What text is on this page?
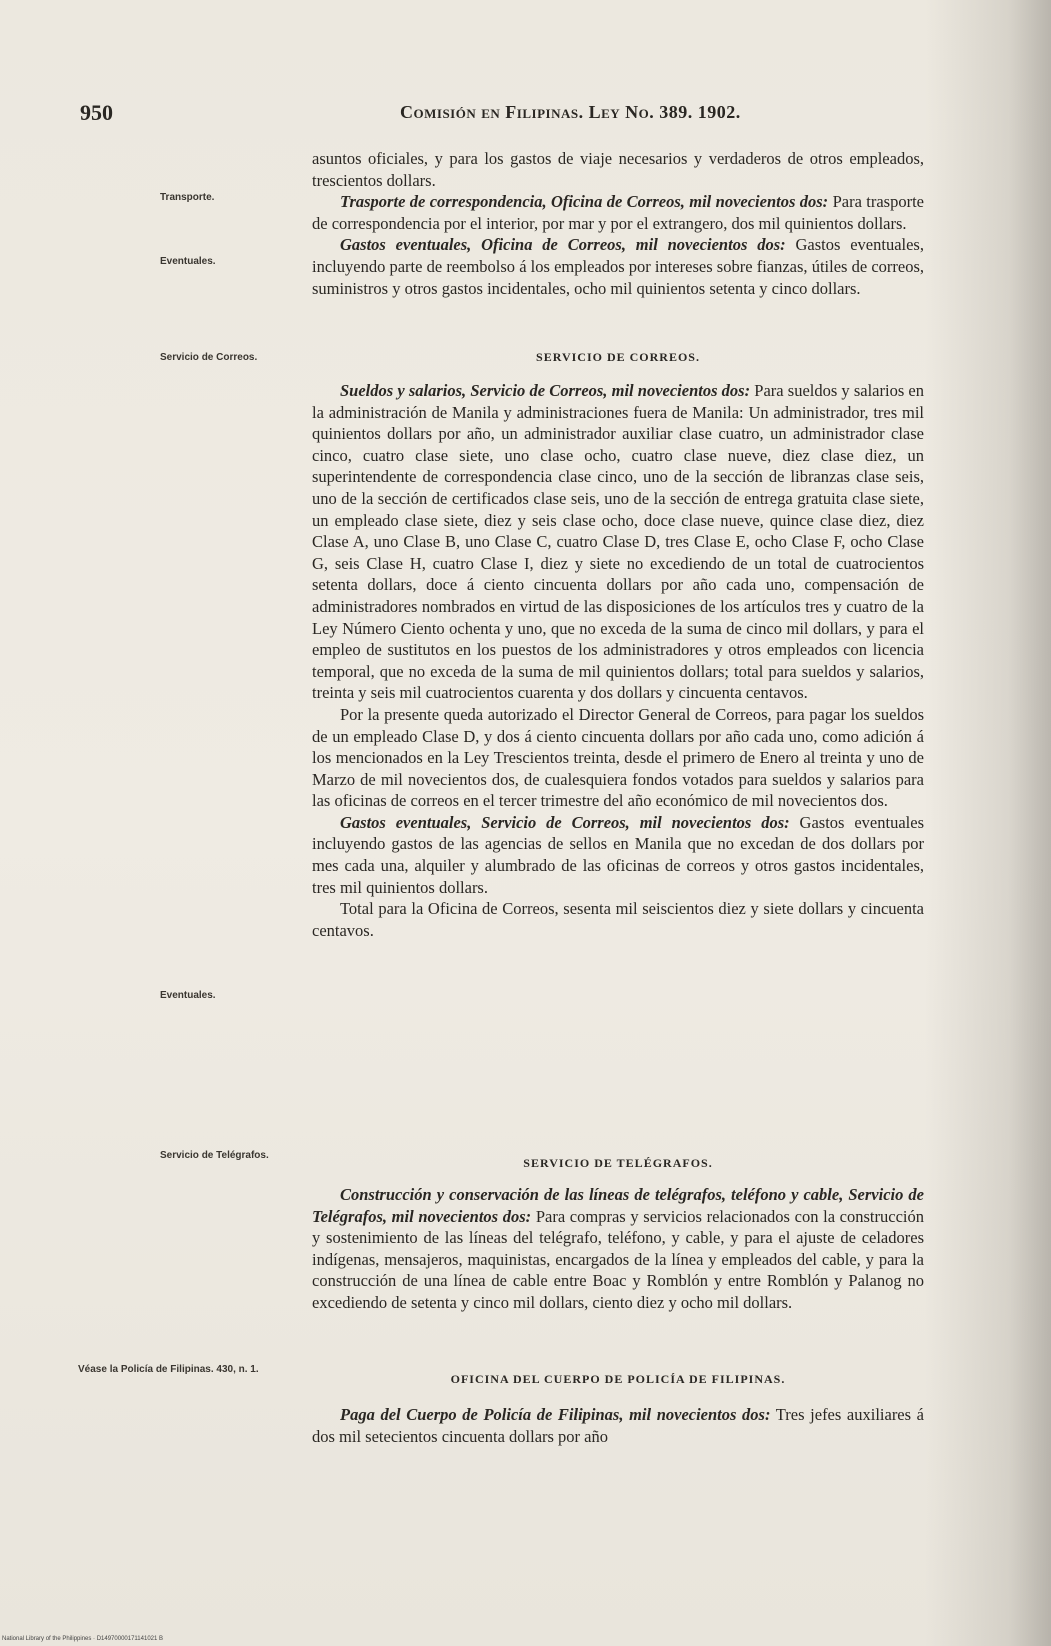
950	Comisión en Filipinas. Ley No. 389. 1902.
Transporte.
Eventuales.
Servicio de Correos.
Eventuales.
Servicio de Telégrafos.
Véase la Policía de Filipinas. 430, n. 1.

asuntos oficiales, y para los gastos de viaje necesarios y verdaderos de otros empleados, trescientos dollars.

Trasporte de correspondencia, Oficina de Correos, mil novecientos dos: Para trasporte de correspondencia por el interior, por mar y por el extrangero, dos mil quinientos dollars.

Gastos eventuales, Oficina de Correos, mil novecientos dos: Gastos eventuales, incluyendo parte de reembolso á los empleados por intereses sobre fianzas, útiles de correos, suministros y otros gastos incidentales, ocho mil quinientos setenta y cinco dollars.

SERVICIO DE CORREOS.

Sueldos y salarios, Servicio de Correos, mil novecientos dos: Para sueldos y salarios en la administración de Manila y administraciones fuera de Manila: Un administrador, tres mil quinientos dollars por año, un administrador auxiliar clase cuatro, un administrador clase cinco, cuatro clase siete, uno clase ocho, cuatro clase nueve, diez clase diez, un superintendente de correspondencia clase cinco, uno de la sección de libranzas clase seis, uno de la sección de certificados clase seis, uno de la sección de entrega gratuita clase siete, un empleado clase siete, diez y seis clase ocho, doce clase nueve, quince clase diez, diez Clase A, uno Clase B, uno Clase C, cuatro Clase D, tres Clase E, ocho Clase F, ocho Clase G, seis Clase H, cuatro Clase I, diez y siete no excediendo de un total de cuatrocientos setenta dollars, doce á ciento cincuenta dollars por año cada uno, compensación de administradores nombrados en virtud de las disposiciones de los artículos tres y cuatro de la Ley Número Ciento ochenta y uno, que no exceda de la suma de cinco mil dollars, y para el empleo de sustitutos en los puestos de los administradores y otros empleados con licencia temporal, que no exceda de la suma de mil quinientos dollars; total para sueldos y salarios, treinta y seis mil cuatrocientos cuarenta y dos dollars y cincuenta centavos.

Por la presente queda autorizado el Director General de Correos, para pagar los sueldos de un empleado Clase D, y dos á ciento cincuenta dollars por año cada uno, como adición á los mencionados en la Ley Trescientos treinta, desde el primero de Enero al treinta y uno de Marzo de mil novecientos dos, de cualesquiera fondos votados para sueldos y salarios para las oficinas de correos en el tercer trimestre del año económico de mil novecientos dos.

Gastos eventuales, Servicio de Correos, mil novecientos dos: Gastos eventuales incluyendo gastos de las agencias de sellos en Manila que no excedan de dos dollars por mes cada una, alquiler y alumbrado de las oficinas de correos y otros gastos incidentales, tres mil quinientos dollars.

Total para la Oficina de Correos, sesenta mil seiscientos diez y siete dollars y cincuenta centavos.

SERVICIO DE TELÉGRAFOS.

Construcción y conservación de las líneas de telégrafos, teléfono y cable, Servicio de Telégrafos, mil novecientos dos: Para compras y servicios relacionados con la construcción y sostenimiento de las líneas del telégrafo, teléfono, y cable, y para el ajuste de celadores indígenas, mensajeros, maquinistas, encargados de la línea y empleados del cable, y para la construcción de una línea de cable entre Boac y Romblón y entre Romblón y Palanog no excediendo de setenta y cinco mil dollars, ciento diez y ocho mil dollars.

OFICINA DEL CUERPO DE POLICÍA DE FILIPINAS.

Paga del Cuerpo de Policía de Filipinas, mil novecientos dos: Tres jefes auxiliares á dos mil setecientos cincuenta dollars por año

National Library of the Philippines · D14970000171141021 B
